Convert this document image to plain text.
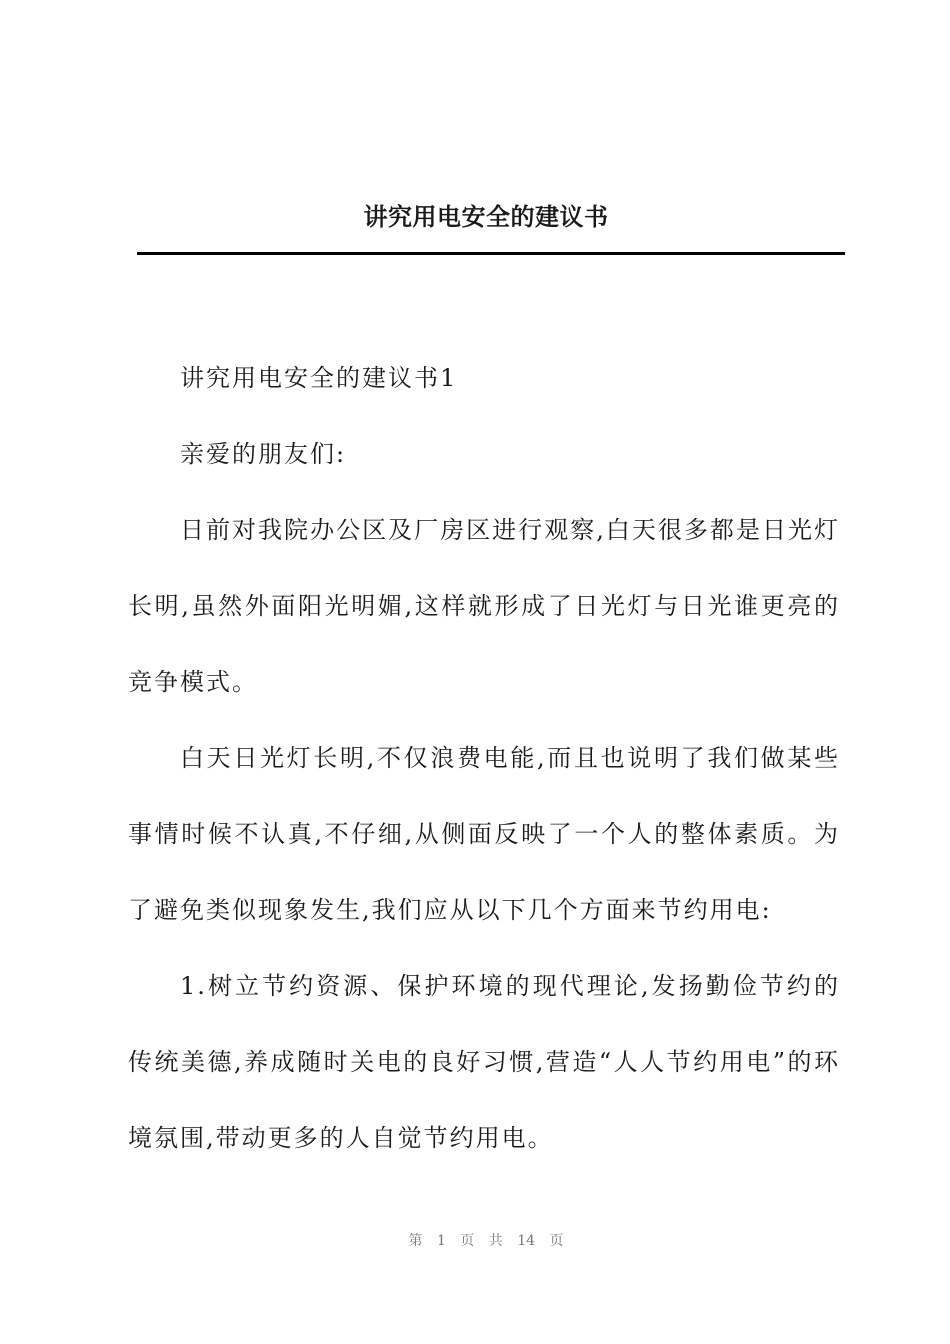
讲究用电安全的建议书

讲究用电安全的建议书1

亲爱的朋友们:

日前对我院办公区及厂房区进行观察,白天很多都是日光灯长明,虽然外面阳光明媚,这样就形成了日光灯与日光谁更亮的竞争模式。

白天日光灯长明,不仅浪费电能,而且也说明了我们做某些事情时候不认真,不仔细,从侧面反映了一个人的整体素质。为了避免类似现象发生,我们应从以下几个方面来节约用电:

1.树立节约资源、保护环境的现代理论,发扬勤俭节约的传统美德,养成随时关电的良好习惯,营造“人人节约用电”的环境氛围,带动更多的人自觉节约用电。

第 1 页 共 14 页
